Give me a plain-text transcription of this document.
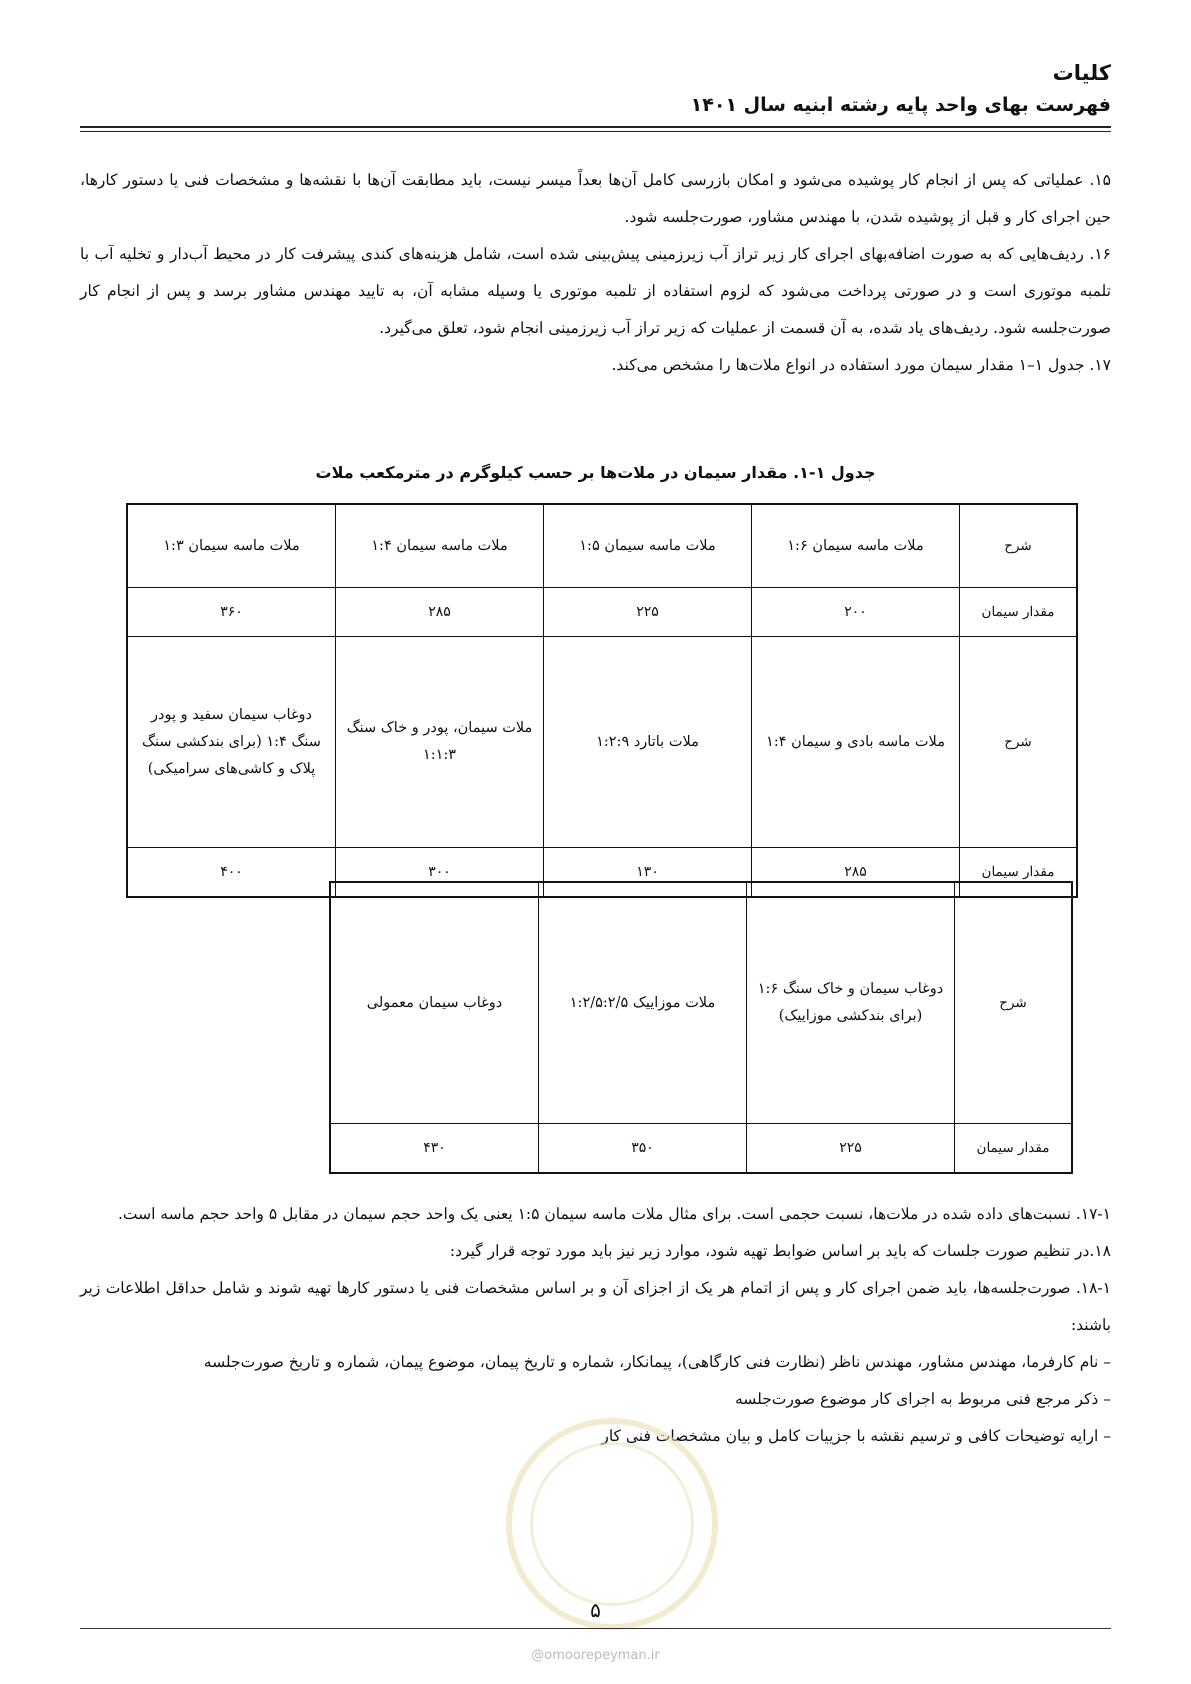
کلیات
فهرست بهای واحد پایه رشته ابنیه سال ۱۴۰۱

۱۵. عملیاتی که پس از انجام کار پوشیده می‌شود و امکان بازرسی کامل آن‌ها بعداً میسر نیست، باید مطابقت آن‌ها با نقشه‌ها و مشخصات فنی یا دستور کارها، حین اجرای کار و قبل از پوشیده شدن، با مهندس مشاور، صورت‌جلسه شود.

۱۶. ردیف‌هایی که به صورت اضافه‌بهای اجرای کار زیر تراز آب زیرزمینی پیش‌بینی شده است، شامل هزینه‌های کندی پیشرفت کار در محیط آب‌دار و تخلیه آب با تلمبه موتوری است و در صورتی پرداخت می‌شود که لزوم استفاده از تلمبه موتوری یا وسیله مشابه آن، به تایید مهندس مشاور برسد و پس از انجام کار صورت‌جلسه شود. ردیف‌های یاد شده، به آن قسمت از عملیات که زیر تراز آب زیرزمینی انجام شود، تعلق می‌گیرد.

۱۷. جدول ۱–۱ مقدار سیمان مورد استفاده در انواع ملات‌ها را مشخص می‌کند.

جدول ۱-۱. مقدار سیمان در ملات‌ها بر حسب کیلوگرم در مترمکعب ملات
شرح	ملات ماسه سیمان ۱:۶	ملات ماسه سیمان ۱:۵	ملات ماسه سیمان ۱:۴	ملات ماسه سیمان ۱:۳
مقدار سیمان	۲۰۰	۲۲۵	۲۸۵	۳۶۰
شرح	ملات ماسه بادی و سیمان ۱:۴	ملات باتارد ۱:۲:۹	ملات سیمان، پودر و خاک سنگ ۱:۱:۳	دوغاب سیمان سفید و پودر سنگ ۱:۴ (برای بندکشی سنگ پلاک و کاشی‌های سرامیکی)
مقدار سیمان	۲۸۵	۱۳۰	۳۰۰	۴۰۰
شرح	دوغاب سیمان و خاک سنگ ۱:۶ (برای بندکشی موزاییک)	ملات موزاییک ۱:۲/۵:۲/۵	دوغاب سیمان معمولی
مقدار سیمان	۲۲۵	۳۵۰	۴۳۰

۱۷-۱. نسبت‌های داده شده در ملات‌ها، نسبت حجمی است. برای مثال ملات ماسه سیمان ۱:۵ یعنی یک واحد حجم سیمان در مقابل ۵ واحد حجم ماسه است.

۱۸.در تنظیم صورت جلسات که باید بر اساس ضوابط تهیه شود، موارد زیر نیز باید مورد توجه قرار گیرد:

۱۸-۱. صورت‌جلسه‌ها، باید ضمن اجرای کار و پس از اتمام هر یک از اجزای آن و بر اساس مشخصات فنی یا دستور کارها تهیه شوند و شامل حداقل اطلاعات زیر باشند:

– نام کارفرما، مهندس مشاور، مهندس ناظر (نظارت فنی کارگاهی)، پیمانکار، شماره و تاریخ پیمان، موضوع پیمان، شماره و تاریخ صورت‌جلسه

– ذکر مرجع فنی مربوط به اجرای کار موضوع صورت‌جلسه

– ارایه توضیحات کافی و ترسیم نقشه با جزییات کامل و بیان مشخصات فنی کار

۵
@omoorepeyman.ir
